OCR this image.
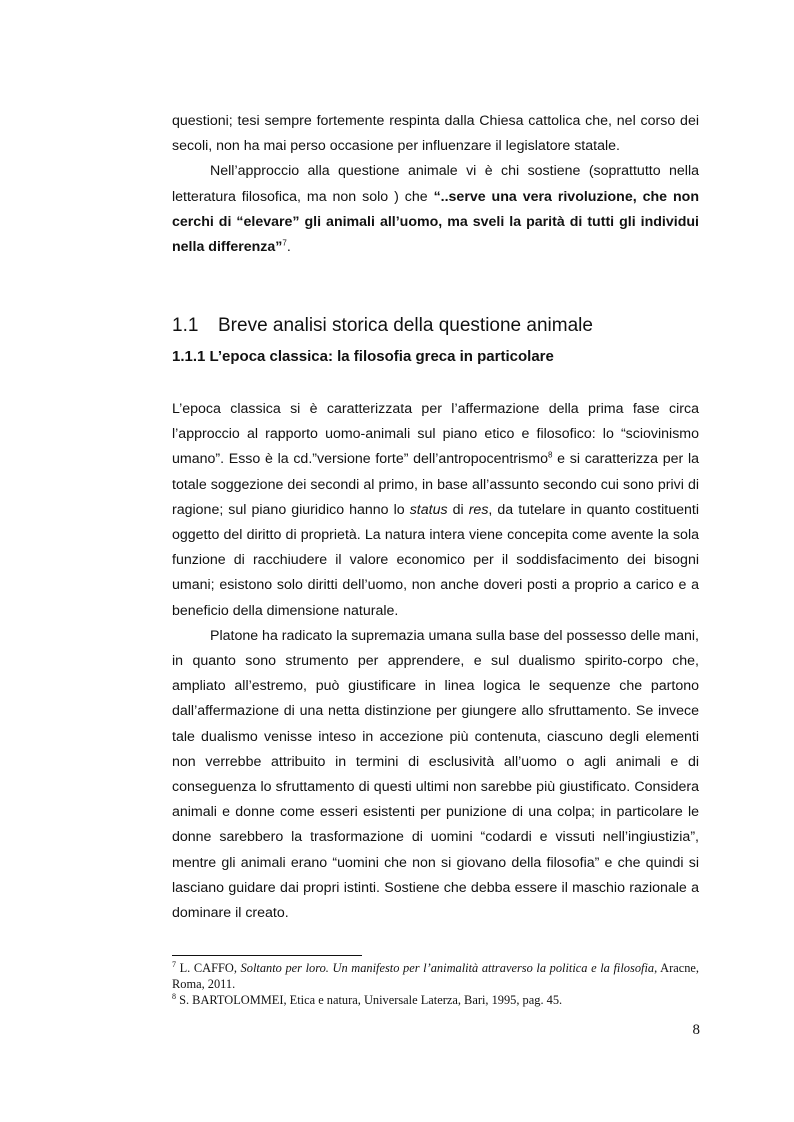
questioni; tesi sempre fortemente respinta dalla Chiesa cattolica che, nel corso dei secoli, non ha mai perso occasione per influenzare il legislatore statale.

Nell’approccio alla questione animale vi è chi sostiene (soprattutto nella letteratura filosofica, ma non solo ) che “..serve una vera rivoluzione, che non cerchi di “elevare” gli animali all’uomo, ma sveli la parità di tutti gli individui nella differenza”$^7$.

1.1 Breve analisi storica della questione animale
1.1.1 L’epoca classica: la filosofia greca in particolare

L’epoca classica si è caratterizzata per l’affermazione della prima fase circa l’approccio al rapporto uomo-animali sul piano etico e filosofico: lo “sciovinismo umano”. Esso è la cd.”versione forte” dell’antropocentrismo$^8$ e si caratterizza per la totale soggezione dei secondi al primo, in base all’assunto secondo cui sono privi di ragione; sul piano giuridico hanno lo status di res, da tutelare in quanto costituenti oggetto del diritto di proprietà. La natura intera viene concepita come avente la sola funzione di racchiudere il valore economico per il soddisfacimento dei bisogni umani; esistono solo diritti dell’uomo, non anche doveri posti a proprio a carico e a beneficio della dimensione naturale.

Platone ha radicato la supremazia umana sulla base del possesso delle mani, in quanto sono strumento per apprendere, e sul dualismo spirito-corpo che, ampliato all’estremo, può giustificare in linea logica le sequenze che partono dall’affermazione di una netta distinzione per giungere allo sfruttamento. Se invece tale dualismo venisse inteso in accezione più contenuta, ciascuno degli elementi non verrebbe attribuito in termini di esclusività all’uomo o agli animali e di conseguenza lo sfruttamento di questi ultimi non sarebbe più giustificato. Considera animali e donne come esseri esistenti per punizione di una colpa; in particolare le donne sarebbero la trasformazione di uomini “codardi e vissuti nell’ingiustizia”, mentre gli animali erano “uomini che non si giovano della filosofia” e che quindi si lasciano guidare dai propri istinti. Sostiene che debba essere il maschio razionale a dominare il creato.

$^7$ L. CAFFO, Soltanto per loro. Un manifesto per l’animalità attraverso la politica e la filosofia, Aracne, Roma, 2011.

$^8$ S. BARTOLOMMEI, Etica e natura, Universale Laterza, Bari, 1995, pag. 45.

8
